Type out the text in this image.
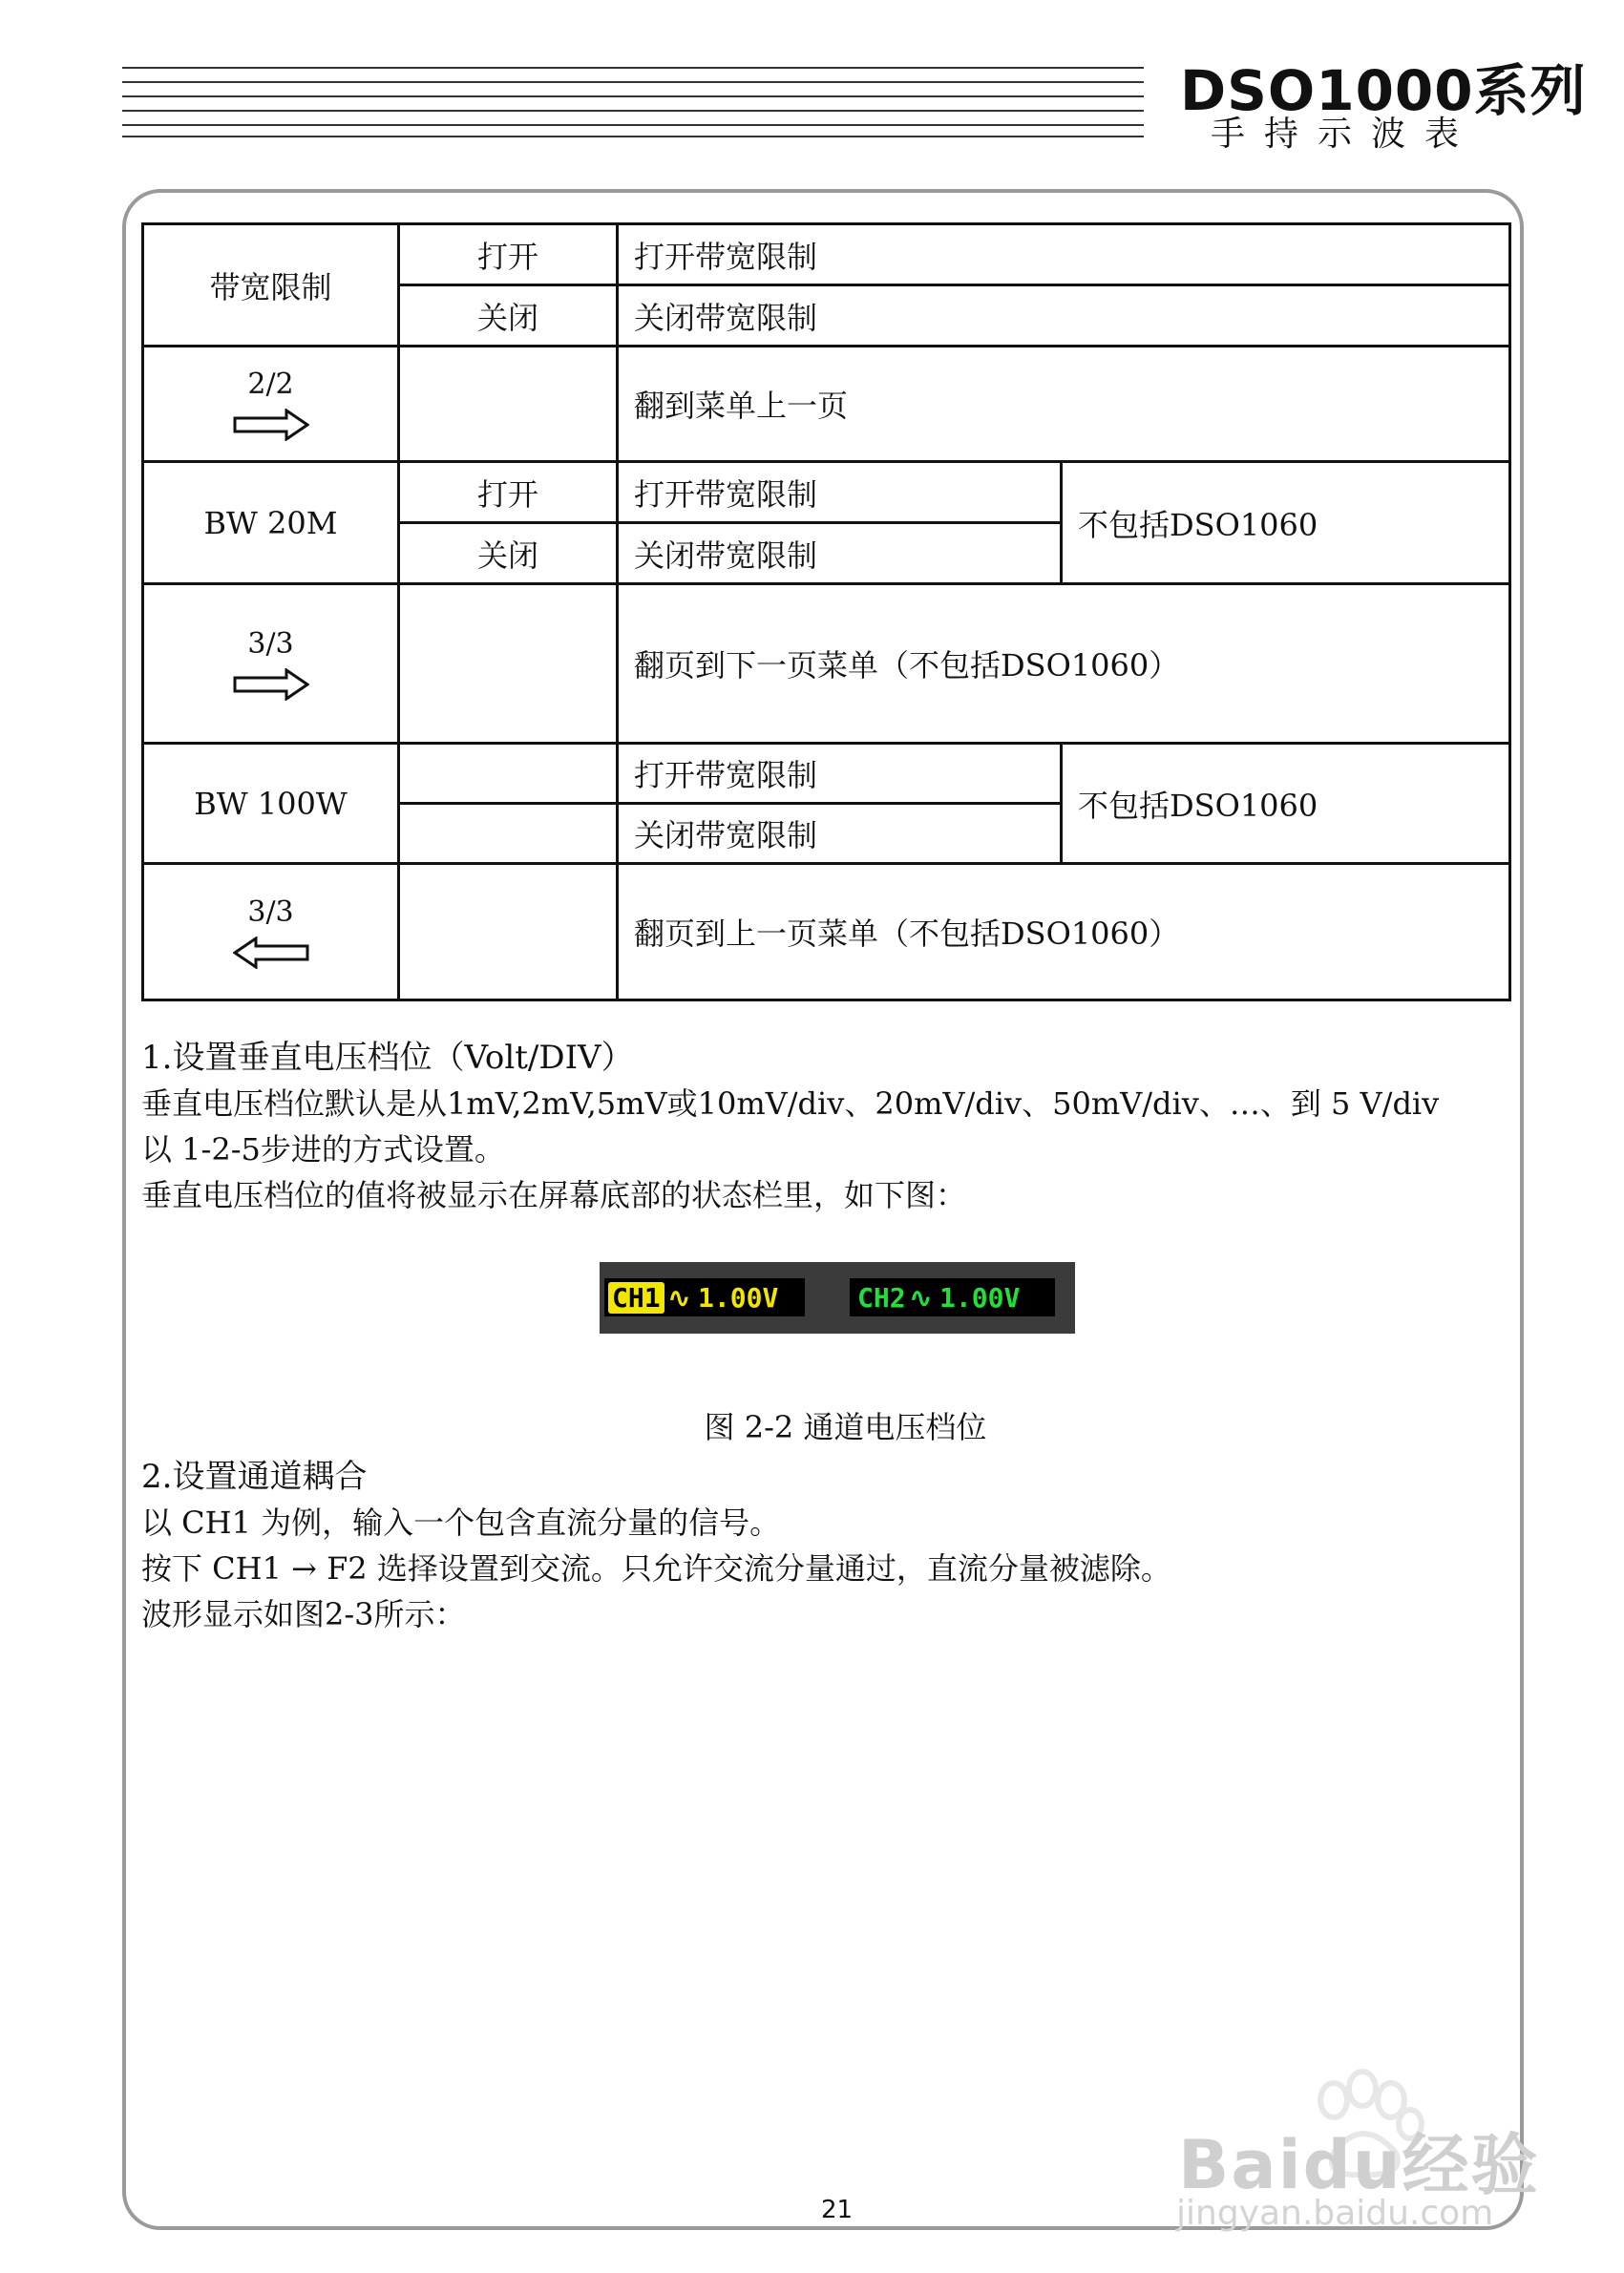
DSO1000系列
手持示波表
带宽限制	打开	打开带宽限制	
	关闭	关闭带宽限制	

2/2		翻到菜单上一页	
BW 20M	打开	打开带宽限制	不包括DSO1060
	关闭	关闭带宽限制	

3/3		翻页到下一页菜单（不包括DSO1060）	
BW 100W		打开带宽限制	不包括DSO1060
		关闭带宽限制	

3/3		翻页到上一页菜单（不包括DSO1060）	
1.设置垂直电压档位（Volt/DIV）
垂直电压档位默认是从1mV,2mV,5mV或10mV/div、20mV/div、50mV/div、…、到 5 V/div
以 1-2-5步进的方式设置。
垂直电压档位的值将被显示在屏幕底部的状态栏里，如下图：
CH1 ∿ 1.00V	CH2 ∿ 1.00V
图 2-2 通道电压档位
2.设置通道耦合
以 CH1 为例，输入一个包含直流分量的信号。
按下 CH1 → F2 选择设置到交流。只允许交流分量通过，直流分量被滤除。
波形显示如图2-3所示：
21
Baidu经验
jingyan.baidu.com
